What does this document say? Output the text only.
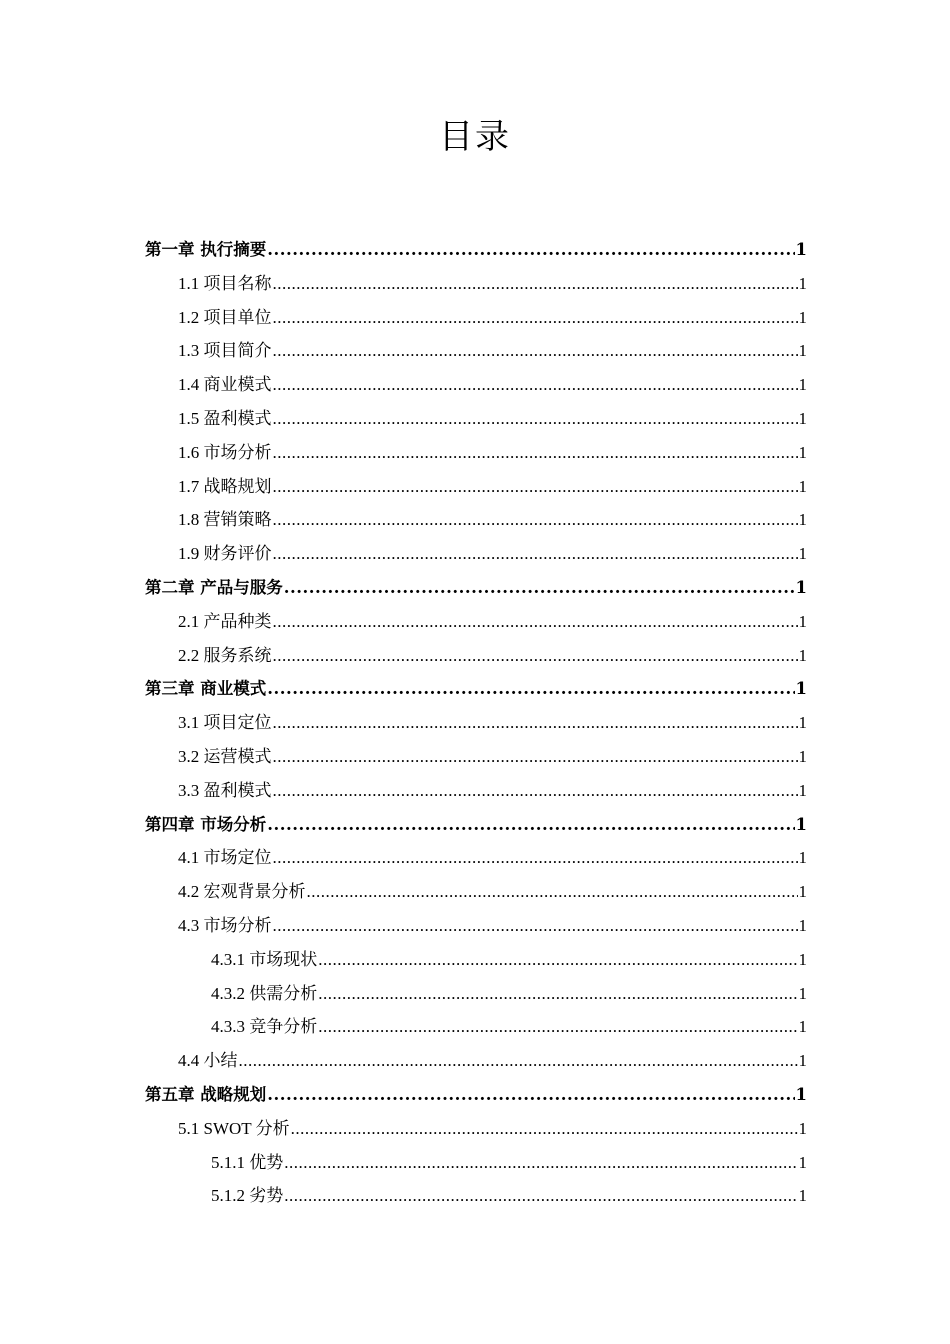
目录
第一章 执行摘要 .....	1
1.1 项目名称 .....	1
1.2 项目单位 .....	1
1.3 项目简介 .....	1
1.4 商业模式 .....	1
1.5 盈利模式 .....	1
1.6 市场分析 .....	1
1.7 战略规划 .....	1
1.8 营销策略 .....	1
1.9 财务评价 .....	1
第二章 产品与服务 .....	1
2.1 产品种类 .....	1
2.2 服务系统 .....	1
第三章 商业模式 .....	1
3.1 项目定位 .....	1
3.2 运营模式 .....	1
3.3 盈利模式 .....	1
第四章 市场分析 .....	1
4.1 市场定位 .....	1
4.2 宏观背景分析 .....	1
4.3 市场分析 .....	1
4.3.1 市场现状 .....	1
4.3.2 供需分析 .....	1
4.3.3 竞争分析 .....	1
4.4 小结 .....	1
第五章 战略规划 .....	1
5.1 SWOT 分析 .....	1
5.1.1 优势 .....	1
5.1.2 劣势 .....	1
